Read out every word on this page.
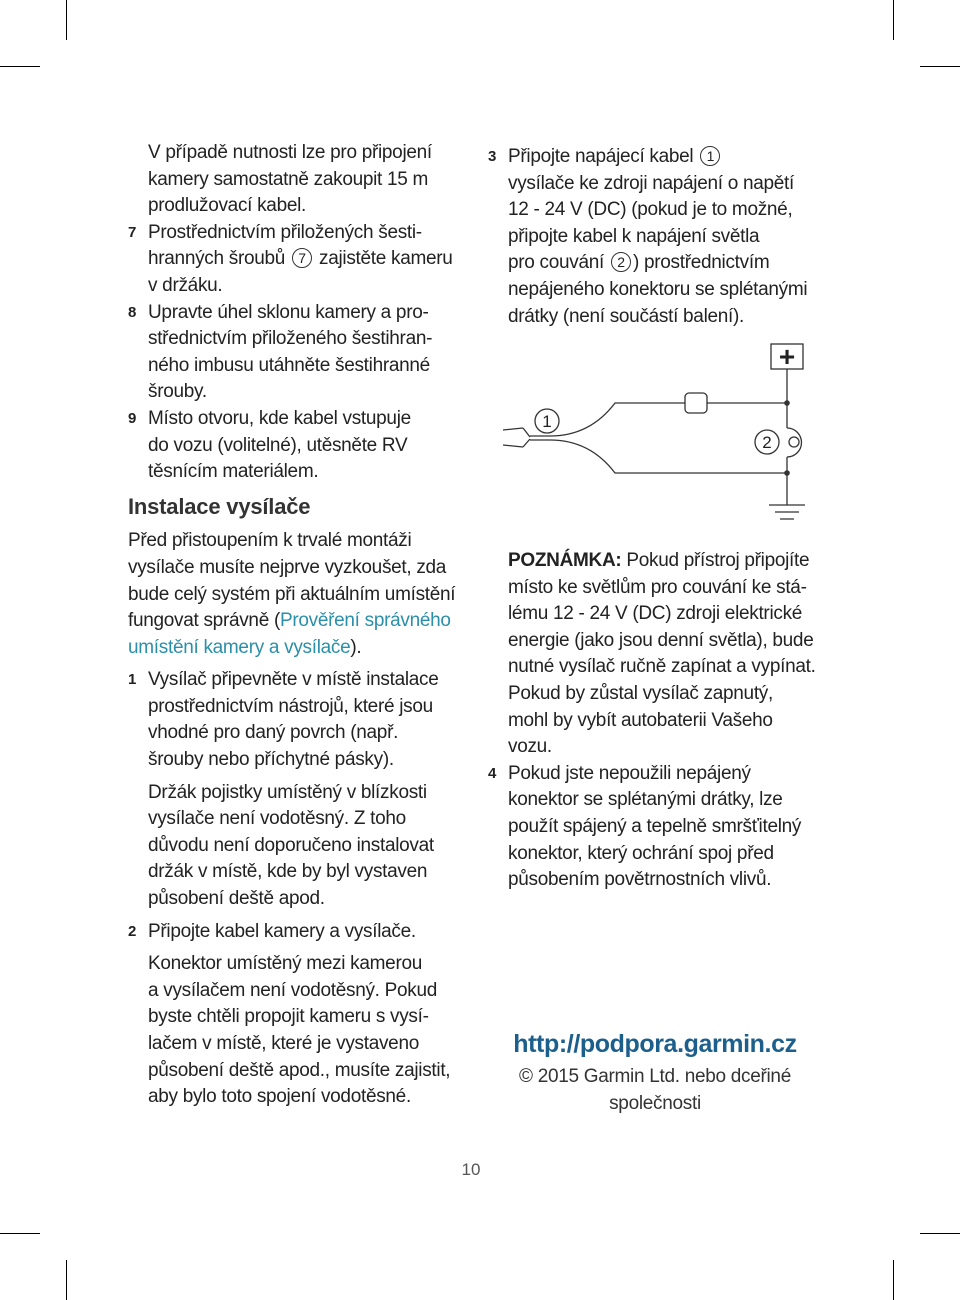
V případě nutnosti lze pro připojení

kamery samostatně zakoupit 15 m

prodlužovací kabel.

7 Prostřednictvím přiložených šesti-

hranných šroubů 7 zajistěte kameru

v držáku.

8 Upravte úhel sklonu kamery a pro-

střednictvím přiloženého šestihran-

ného imbusu utáhněte šestihranné

šrouby.

9 Místo otvoru, kde kabel vstupuje

do vozu (volitelné), utěsněte RV

těsnícím materiálem.

Instalace vysílače

Před přistoupením k trvalé montáži

vysílače musíte nejprve vyzkoušet, zda

bude celý systém při aktuálním umístění

fungovat správně (Prověření správného

umístění kamery a vysílače).

1 Vysílač připevněte v místě instalace

prostřednictvím nástrojů, které jsou

vhodné pro daný povrch (např.

šrouby nebo příchytné pásky).

Držák pojistky umístěný v blízkosti

vysílače není vodotěsný. Z toho

důvodu není doporučeno instalovat

držák v místě, kde by byl vystaven

působení deště apod.

2 Připojte kabel kamery a vysílače.

Konektor umístěný mezi kamerou

a vysílačem není vodotěsný. Pokud

byste chtěli propojit kameru s vysí-

lačem v místě, které je vystaveno

působení deště apod., musíte zajistit,

aby bylo toto spojení vodotěsné.

3 Připojte napájecí kabel 1

vysílače ke zdroji napájení o napětí

12 - 24 V (DC) (pokud je to možné,

připojte kabel k napájení světla

pro couvání 2 ) prostřednictvím

nepájeného konektoru se splétanými

drátky (není součástí balení).

+
1
2

POZNÁMKA: Pokud přístroj připojíte

místo ke světlům pro couvání ke stá-

lému 12 - 24 V (DC) zdroji elektrické

energie (jako jsou denní světla), bude

nutné vysílač ručně zapínat a vypínat.

Pokud by zůstal vysílač zapnutý,

mohl by vybít autobaterii Vašeho

vozu.

4 Pokud jste nepoužili nepájený

konektor se splétanými drátky, lze

použít spájený a tepelně smršťitelný

konektor, který ochrání spoj před

působením povětrnostních vlivů.

http://podpora.garmin.cz
© 2015 Garmin Ltd. nebo dceřiné
společnosti
10
